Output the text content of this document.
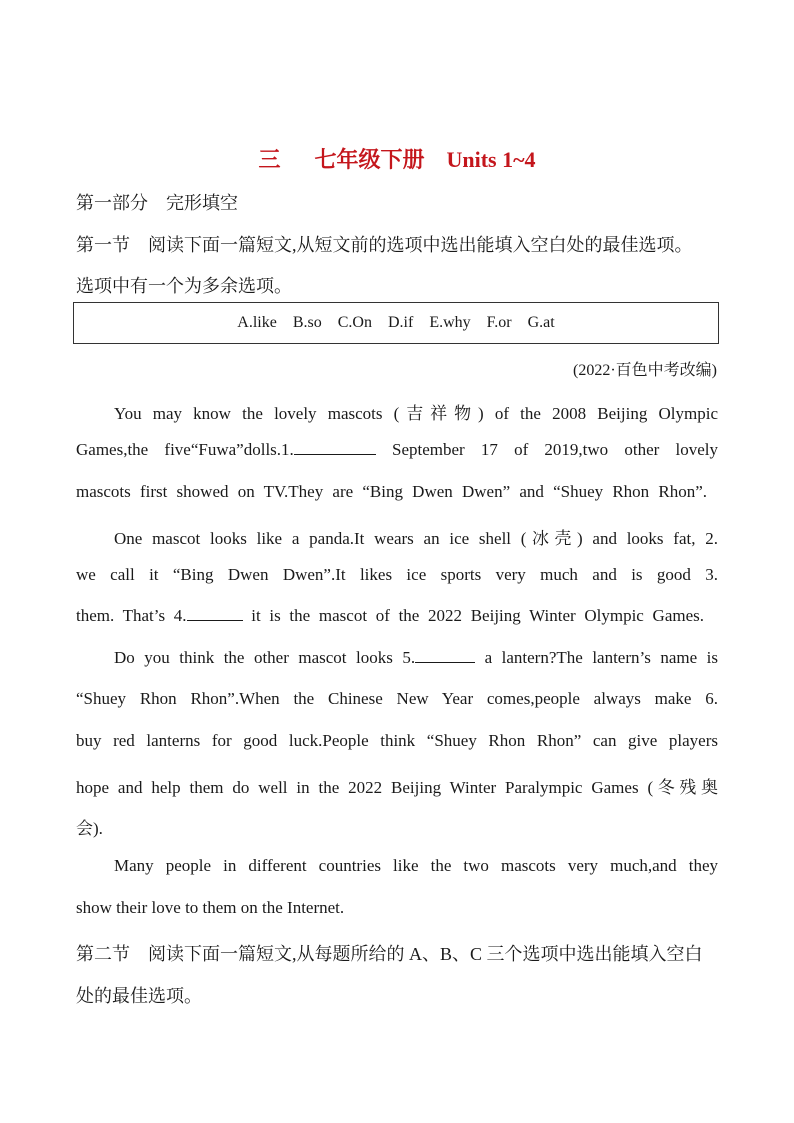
三 七年级下册 Units 1~4
第一部分　完形填空
第一节　阅读下面一篇短文,从短文前的选项中选出能填入空白处的最佳选项。
选项中有一个为多余选项。
A.like B.so C.On D.if E.why F.or G.at
(2022·百色中考改编)
You may know the lovely mascots (吉祥物) of the 2008 Beijing Olympic
Games,the five“Fuwa”dolls.1.	September 17 of 2019,two other lovely
mascots first showed on TV.They are “Bing Dwen Dwen” and “Shuey Rhon Rhon”.
One mascot looks like a panda.It wears an ice shell (冰壳) and looks fat, 2.
we call it “Bing Dwen Dwen”.It likes ice sports very much and is good 3.
them. That’s 4.	it is the mascot of the 2022 Beijing Winter Olympic Games.
Do you think the other mascot looks 5.	a lantern?The lantern’s name is
“Shuey Rhon Rhon”.When the Chinese New Year comes,people always make 6.
buy red lanterns for good luck.People think “Shuey Rhon Rhon” can give players
hope and help them do well in the 2022 Beijing Winter Paralympic Games (冬残奥
会).
Many people in different countries like the two mascots very much,and they
show their love to them on the Internet.
第二节　阅读下面一篇短文,从每题所给的 A、B、C 三个选项中选出能填入空白
处的最佳选项。
